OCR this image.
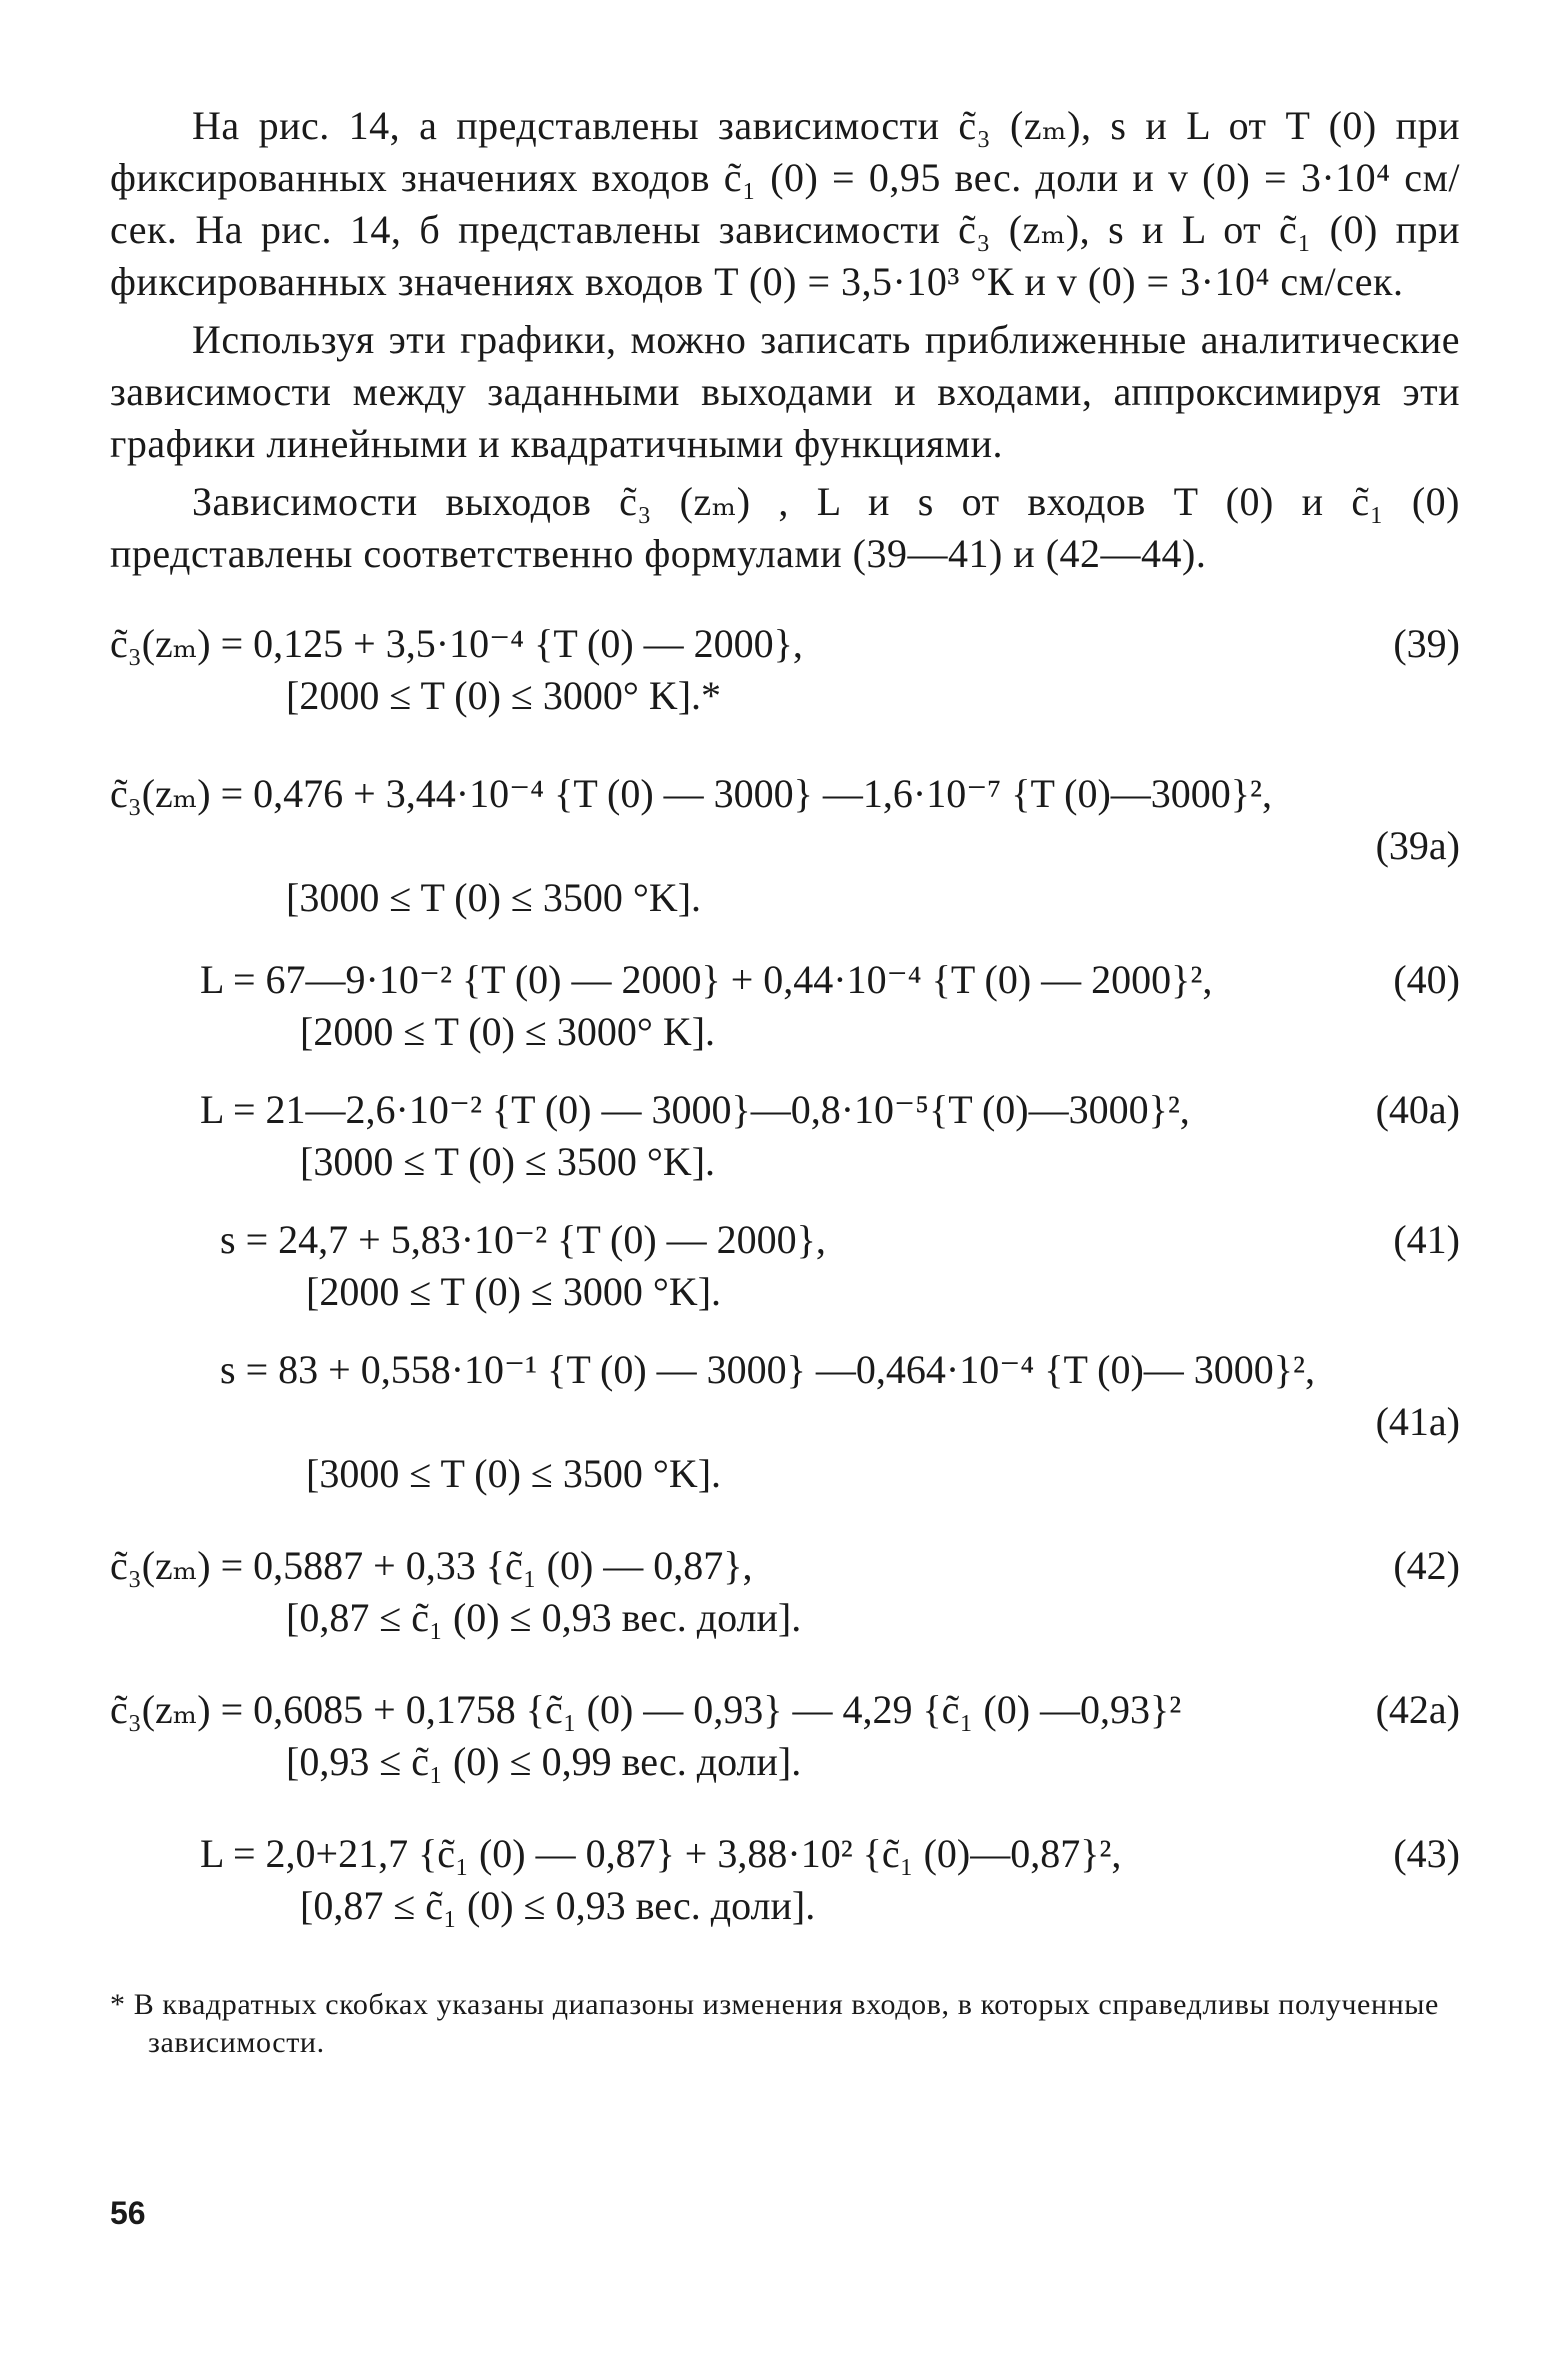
На рис. 14, а представлены зависимости c̃₃ (zₘ), s и L от T (0) при фиксированных значениях входов c̃₁ (0) = 0,95 вес. доли и v (0) = 3·10⁴ см/сек. На рис. 14, б представлены зависимости c̃₃ (zₘ), s и L от c̃₁ (0) при фиксированных значениях входов T (0) = 3,5·10³ °К и v (0) = 3·10⁴ см/сек.

Используя эти графики, можно записать приближенные аналитические зависимости между заданными выходами и входами, аппроксимируя эти графики линейными и квадратичными функциями.

Зависимости выходов c̃₃ (zₘ) , L и s от входов T (0) и c̃₁ (0) представлены соответственно формулами (39—41) и (42—44).

c̃₃(zₘ) = 0,125 + 3,5·10⁻⁴ {T (0) — 2000},
[2000 ≤ T (0) ≤ 3000° K].*
(39)
c̃₃(zₘ) = 0,476 + 3,44·10⁻⁴ {T (0) — 3000} —1,6·10⁻⁷ {T (0)—3000}²,
[3000 ≤ T (0) ≤ 3500 °K].
(39a)
L = 67—9·10⁻² {T (0) — 2000} + 0,44·10⁻⁴ {T (0) — 2000}²,
[2000 ≤ T (0) ≤ 3000° K].
(40)
L = 21—2,6·10⁻² {T (0) — 3000}—0,8·10⁻⁵{T (0)—3000}²,
[3000 ≤ T (0) ≤ 3500 °K].
(40a)
s = 24,7 + 5,83·10⁻² {T (0) — 2000},
[2000 ≤ T (0) ≤ 3000 °K].
(41)
s = 83 + 0,558·10⁻¹ {T (0) — 3000} —0,464·10⁻⁴ {T (0)— 3000}²,
[3000 ≤ T (0) ≤ 3500 °K].
(41a)
c̃₃(zₘ) = 0,5887 + 0,33 {c̃₁ (0) — 0,87},
[0,87 ≤ c̃₁ (0) ≤ 0,93 вес. доли].
(42)
c̃₃(zₘ) = 0,6085 + 0,1758 {c̃₁ (0) — 0,93} — 4,29 {c̃₁ (0) —0,93}²
[0,93 ≤ c̃₁ (0) ≤ 0,99 вес. доли].
(42a)
L = 2,0+21,7 {c̃₁ (0) — 0,87} + 3,88·10² {c̃₁ (0)—0,87}²,
[0,87 ≤ c̃₁ (0) ≤ 0,93 вес. доли].
(43)

* В квадратных скобках указаны диапазоны изменения входов, в которых справедливы полученные зависимости.

56
